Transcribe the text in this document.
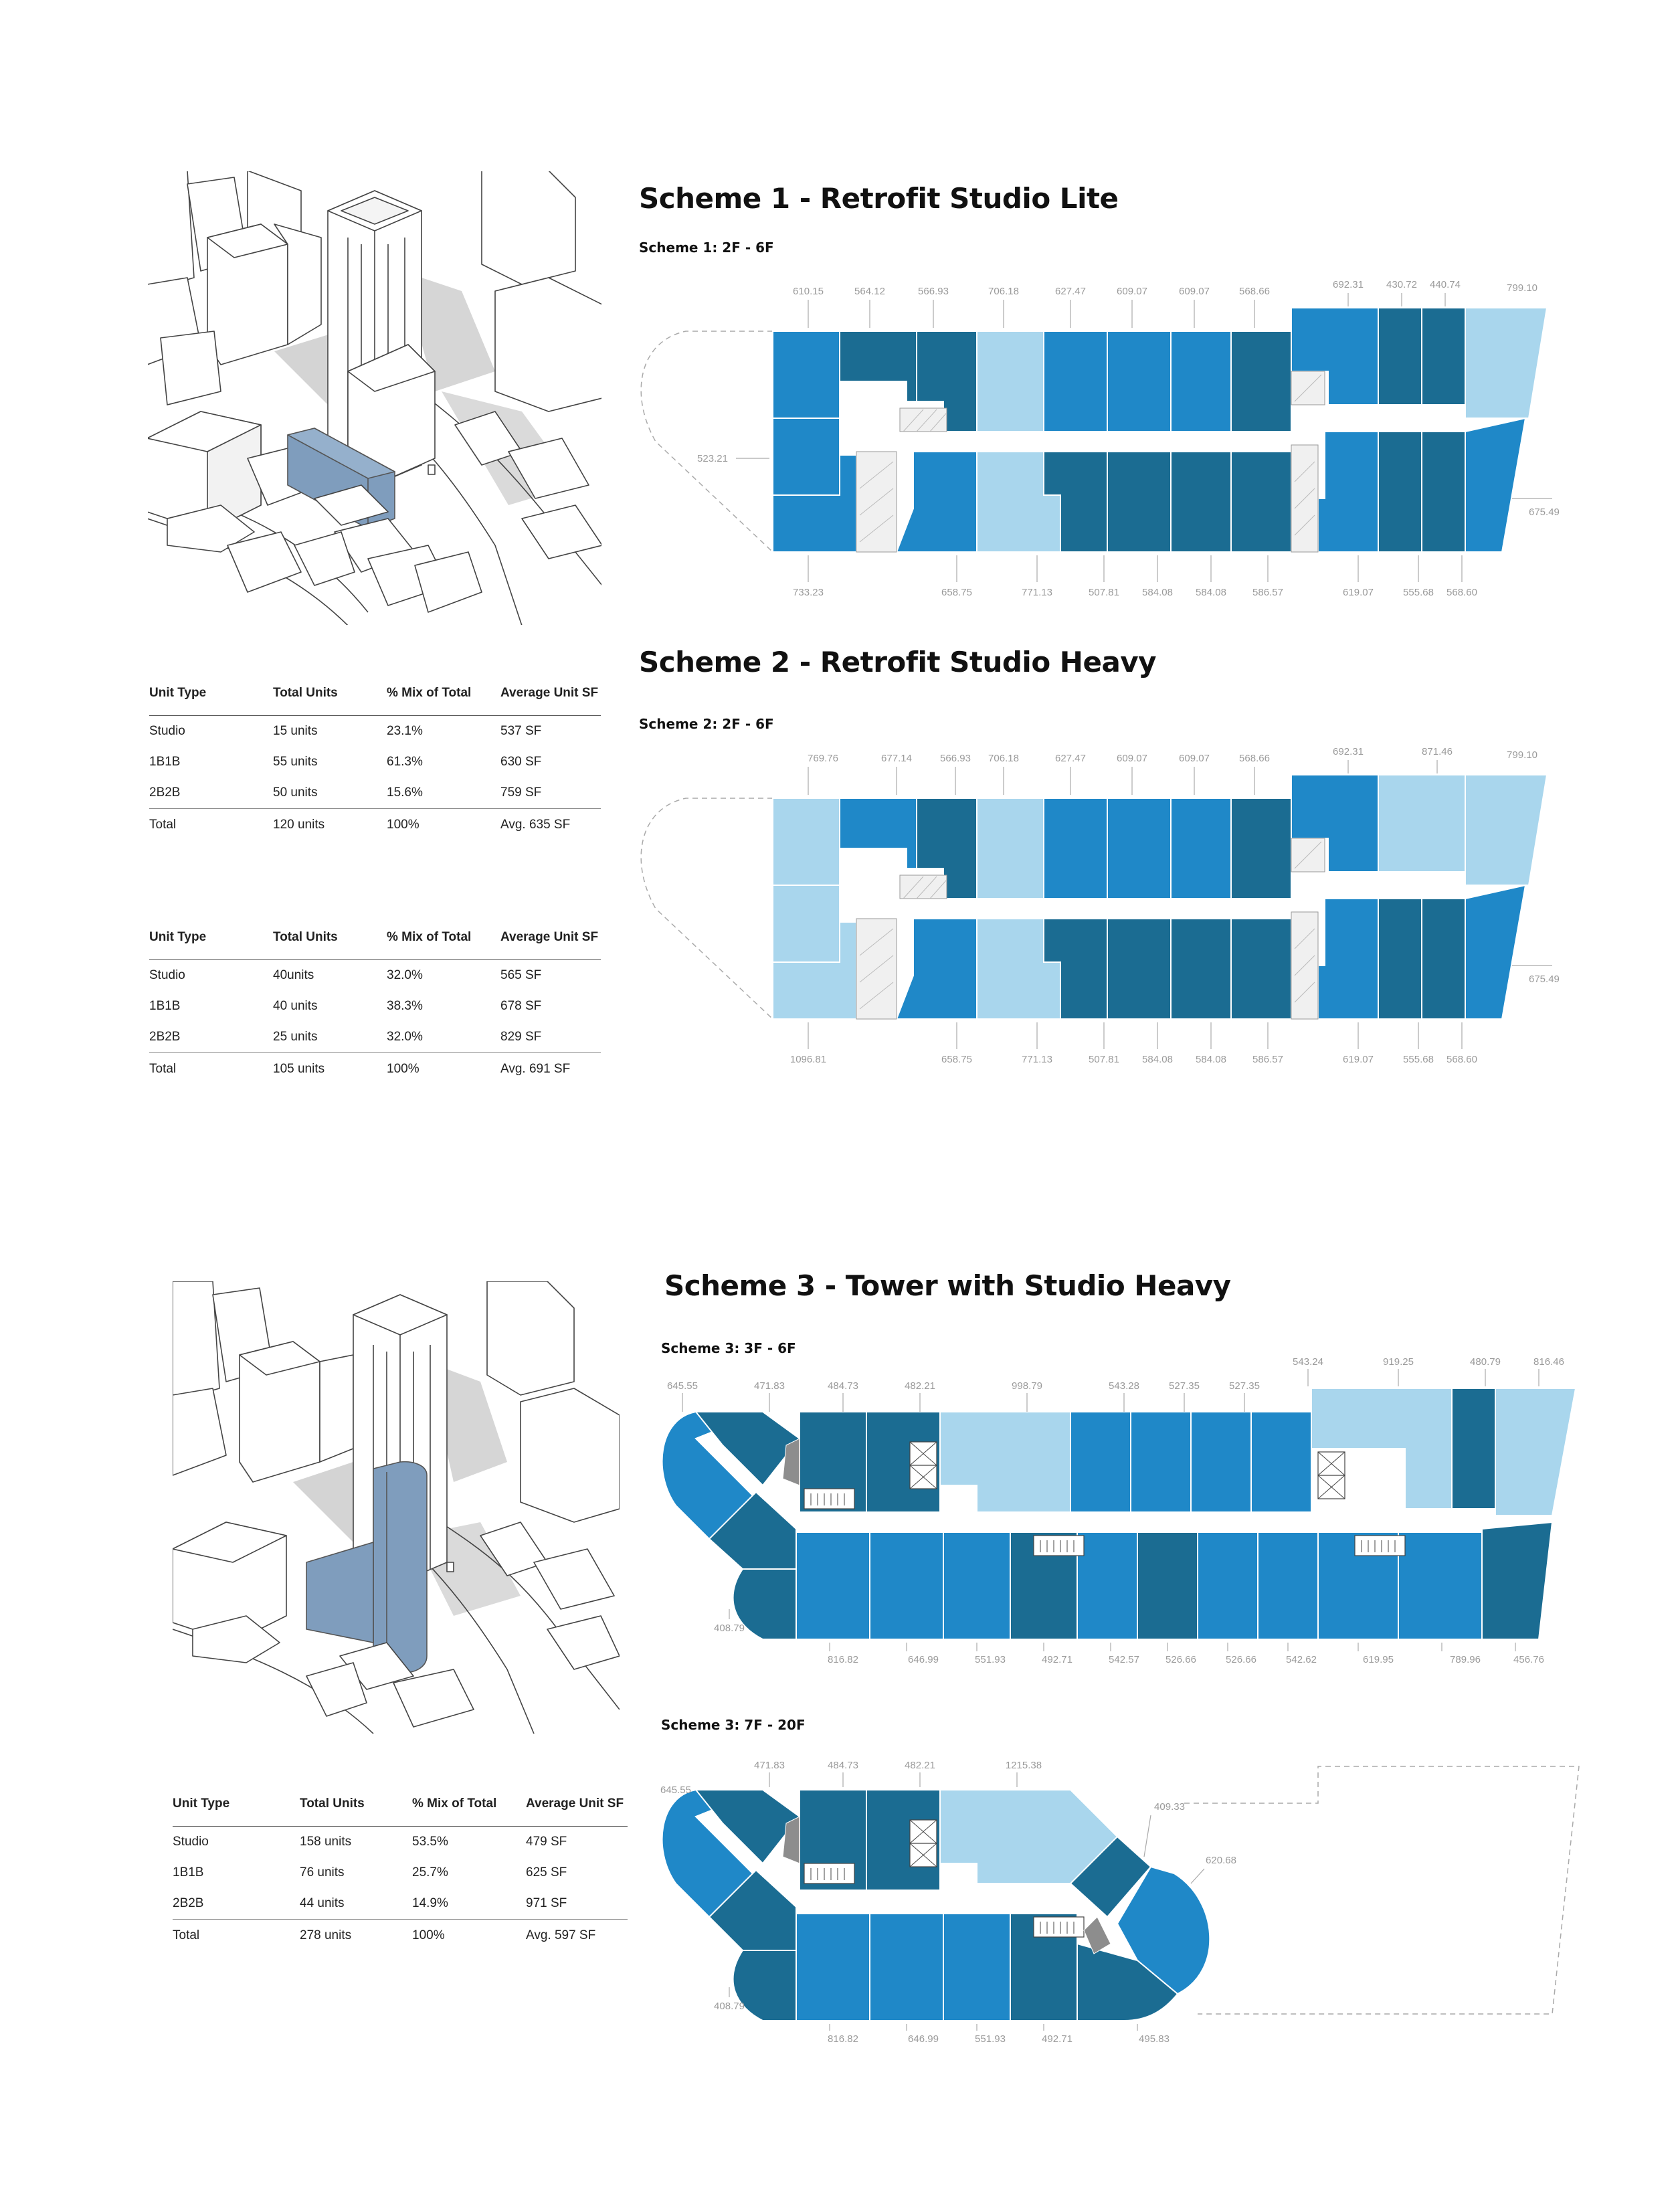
Scheme 1 - Retrofit Studio Lite
Scheme 1: 2F - 6F
610.15	564.12	566.93	706.18	627.47	609.07	609.07	568.66
692.31 430.72 440.74	799.10
733.23	658.75	771.13	507.81 584.08 584.08	586.57	619.07	555.68 568.60
523.21
675.49
Scheme 2 - Retrofit Studio Heavy
Scheme 2: 2F - 6F
769.76	677.14	566.93 706.18	627.47	609.07	609.07	568.66
692.31	871.46	799.10
1096.81	658.75	771.13	507.81 584.08 584.08	586.57	619.07	555.68 568.60
675.49
Unit Type	Total Units	% Mix of Total	Average Unit SF
Studio	15 units	23.1%	537 SF
1B1B	55 units	61.3%	630 SF
2B2B	50 units	15.6%	759 SF
Total	120 units	100%	Avg. 635 SF
Unit Type	Total Units	% Mix of Total	Average Unit SF
Studio	40units	32.0%	565 SF
1B1B	40 units	38.3%	678 SF
2B2B	25 units	32.0%	829 SF
Total	105 units	100%	Avg. 691 SF
Scheme 3 - Tower with Studio Heavy
Scheme 3: 3F - 6F
645.55	471.83	484.73	482.21	998.79	543.28	527.35	527.35
543.24	919.25	480.79	816.46
816.82	646.99	551.93	492.71	542.57	526.66	526.66	542.62	619.95	789.96	456.76
408.79
Scheme 3: 7F - 20F
645.55
471.83	484.73	482.21	1215.38
409.33
620.68
816.82	646.99	551.93	492.71	495.83
408.79
Unit Type	Total Units	% Mix of Total	Average Unit SF
Studio	158 units	53.5%	479 SF
1B1B	76 units	25.7%	625 SF
2B2B	44 units	14.9%	971 SF
Total	278 units	100%	Avg. 597 SF
